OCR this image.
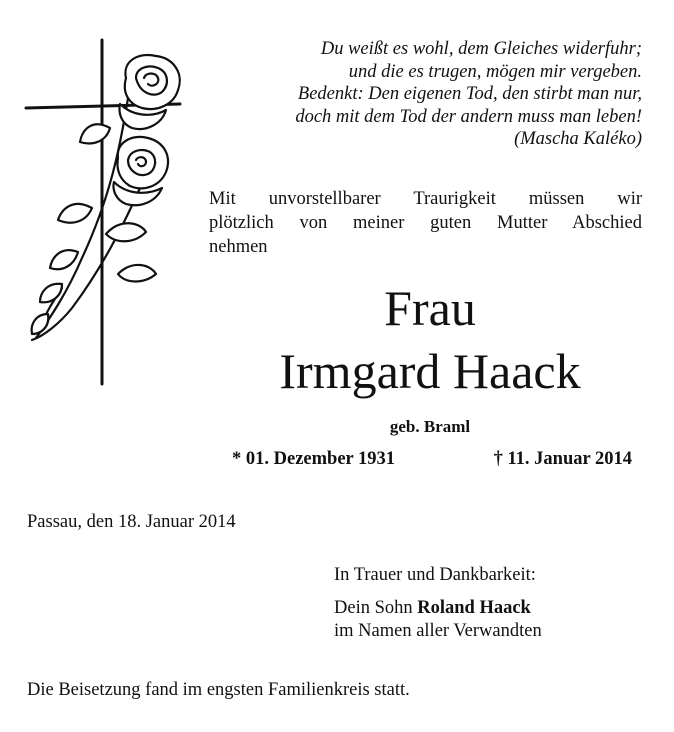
Du weißt es wohl, dem Gleiches widerfuhr;
und die es trugen, mögen mir vergeben.
Bedenkt: Den eigenen Tod, den stirbt man nur,
doch mit dem Tod der andern muss man leben!
(Mascha Kaléko)
Mit unvorstellbarer Traurigkeit müssen wir
plötzlich von meiner guten Mutter Abschied
nehmen
Frau
Irmgard Haack
geb. Braml
* 01. Dezember 1931	† 11. Januar 2014
Passau, den 18. Januar 2014
In Trauer und Dankbarkeit:
Dein Sohn Roland Haack
im Namen aller Verwandten
Die Beisetzung fand im engsten Familienkreis statt.
